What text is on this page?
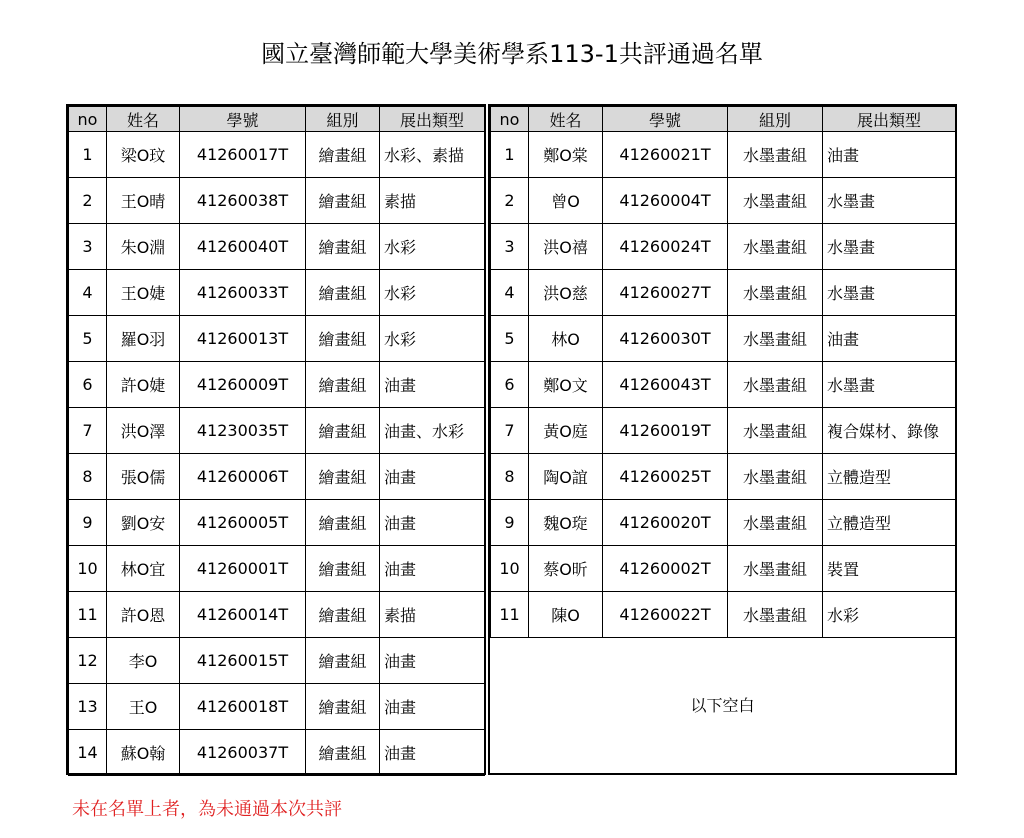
國立臺灣師範大學美術學系113-1共評通過名單
no	姓名	學號	組別	展出類型
1	梁O玟	41260017T	繪畫組	水彩、素描
2	王O晴	41260038T	繪畫組	素描
3	朱O淵	41260040T	繪畫組	水彩
4	王O婕	41260033T	繪畫組	水彩
5	羅O羽	41260013T	繪畫組	水彩
6	許O婕	41260009T	繪畫組	油畫
7	洪O澤	41230035T	繪畫組	油畫、水彩
8	張O儒	41260006T	繪畫組	油畫
9	劉O安	41260005T	繪畫組	油畫
10	林O宜	41260001T	繪畫組	油畫
11	許O恩	41260014T	繪畫組	素描
12	李O	41260015T	繪畫組	油畫
13	王O	41260018T	繪畫組	油畫
14	蘇O翰	41260037T	繪畫組	油畫
no	姓名	學號	組別	展出類型
1	鄭O棠	41260021T	水墨畫組	油畫
2	曾O	41260004T	水墨畫組	水墨畫
3	洪O禧	41260024T	水墨畫組	水墨畫
4	洪O慈	41260027T	水墨畫組	水墨畫
5	林O	41260030T	水墨畫組	油畫
6	鄭O文	41260043T	水墨畫組	水墨畫
7	黃O庭	41260019T	水墨畫組	複合媒材、錄像
8	陶O誼	41260025T	水墨畫組	立體造型
9	魏O琁	41260020T	水墨畫組	立體造型
10	蔡O昕	41260002T	水墨畫組	裝置
11	陳O	41260022T	水墨畫組	水彩
以下空白
未在名單上者，為未通過本次共評
